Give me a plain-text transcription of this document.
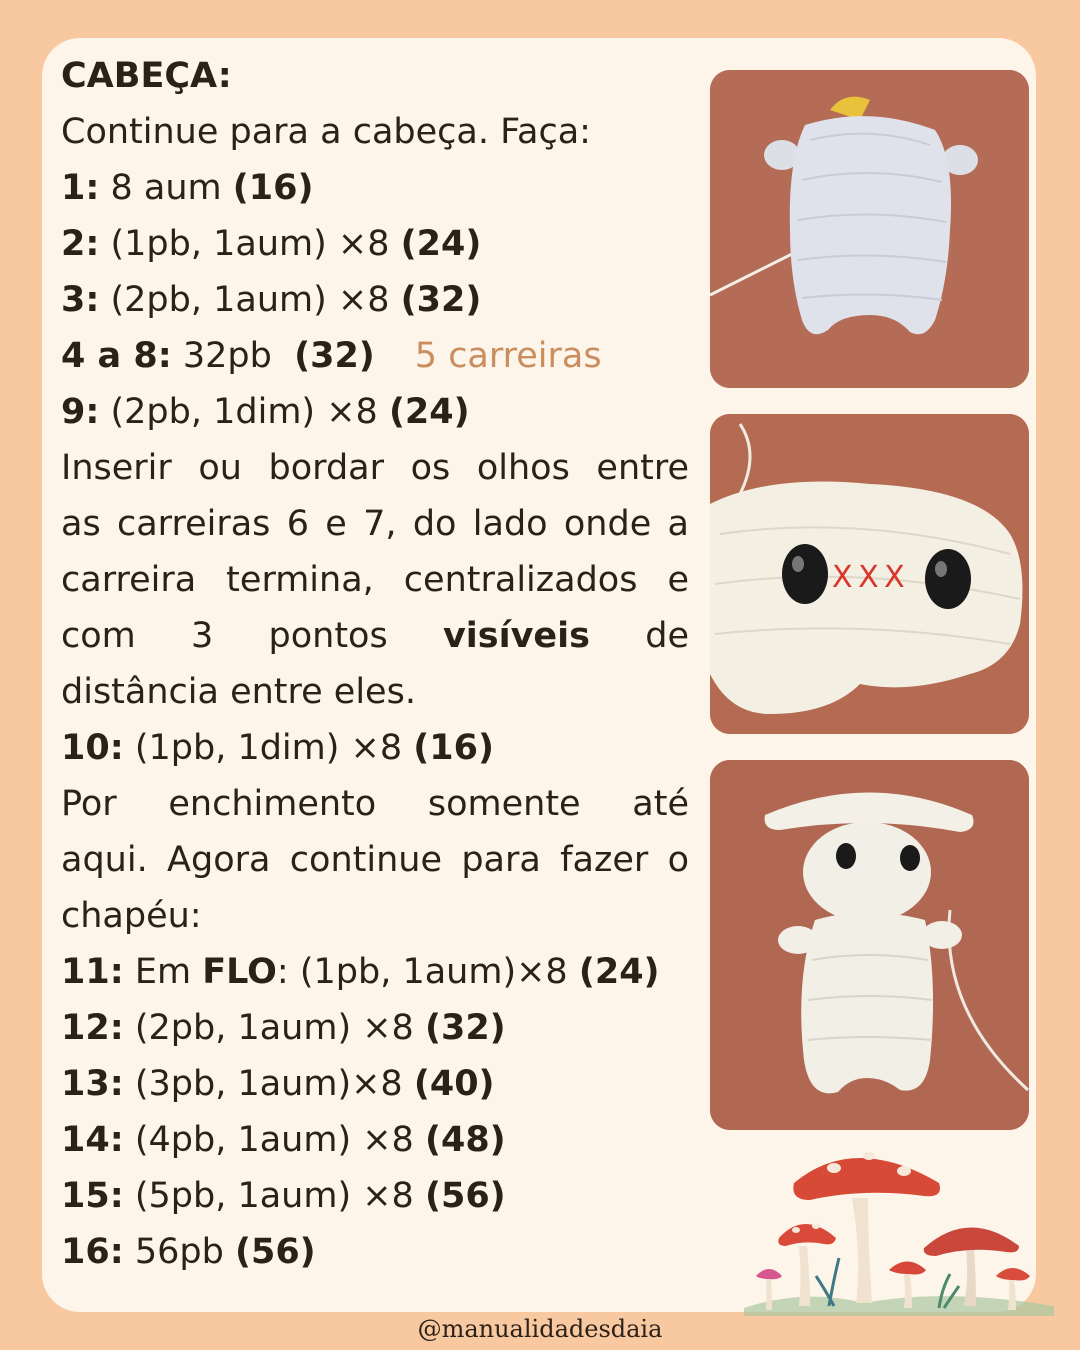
CABEÇA:
Continue para a cabeça. Faça:
1: 8 aum (16)
2: (1pb, 1aum) ×8 (24)
3: (2pb, 1aum) ×8 (32)
4 a 8: 32pb (32) 5 carreiras
9: (2pb, 1dim) ×8 (24)
Inserir ou bordar os olhos entre
as carreiras 6 e 7, do lado onde a
carreira termina, centralizados e
com 3 pontos visíveis de
distância entre eles.
10: (1pb, 1dim) ×8 (16)
Por enchimento somente até
aqui. Agora continue para fazer o
chapéu:
11: Em FLO: (1pb, 1aum)×8 (24)
12: (2pb, 1aum) ×8 (32)
13: (3pb, 1aum)×8 (40)
14: (4pb, 1aum) ×8 (48)
15: (5pb, 1aum) ×8 (56)
16: 56pb (56)
X X X
@manualidadesdaia
